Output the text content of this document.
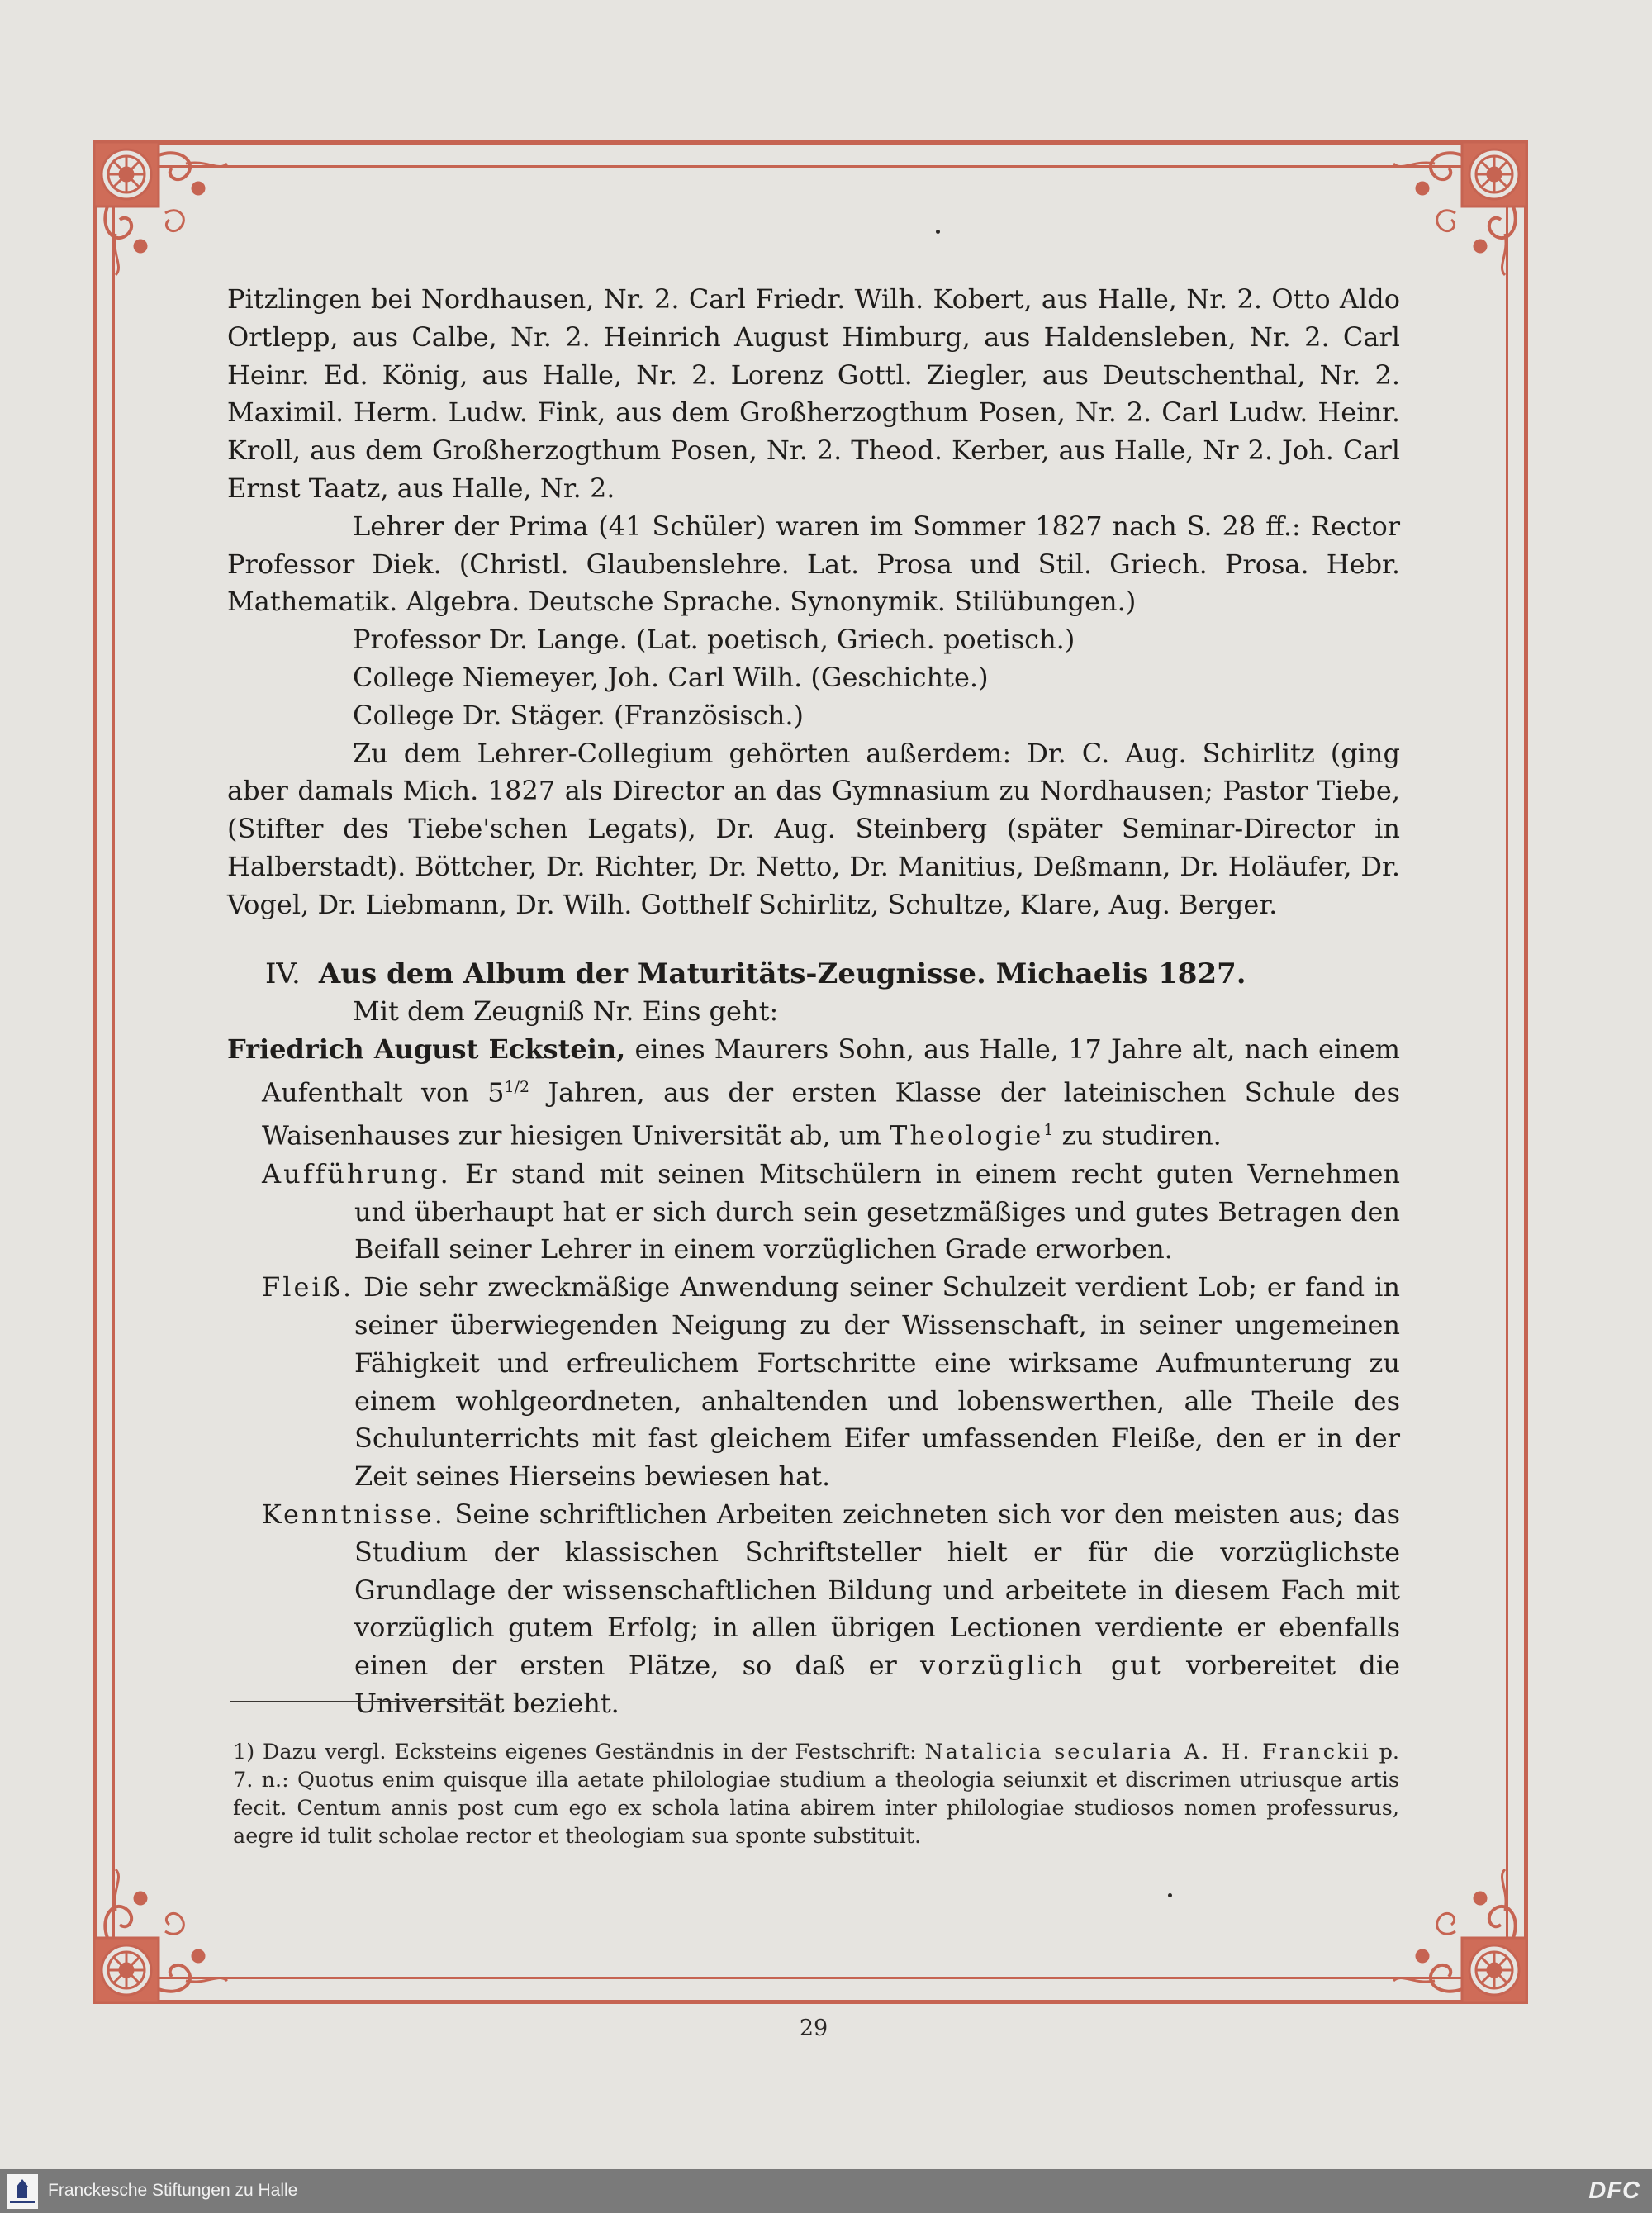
Pitzlingen bei Nordhausen, Nr. 2. Carl Friedr. Wilh. Kobert, aus Halle, Nr. 2. Otto Aldo Ortlepp, aus Calbe, Nr. 2. Heinrich August Himburg, aus Haldensleben, Nr. 2. Carl Heinr. Ed. König, aus Halle, Nr. 2. Lorenz Gottl. Ziegler, aus Deutschenthal, Nr. 2. Maximil. Herm. Ludw. Fink, aus dem Großherzogthum Posen, Nr. 2. Carl Ludw. Heinr. Kroll, aus dem Großherzogthum Posen, Nr. 2. Theod. Kerber, aus Halle, Nr 2. Joh. Carl Ernst Taatz, aus Halle, Nr. 2.

Lehrer der Prima (41 Schüler) waren im Sommer 1827 nach S. 28 ff.: Rector Professor Diek. (Christl. Glaubenslehre. Lat. Prosa und Stil. Griech. Prosa. Hebr. Mathematik. Algebra. Deutsche Sprache. Synonymik. Stilübungen.)

Professor Dr. Lange. (Lat. poetisch, Griech. poetisch.)

College Niemeyer, Joh. Carl Wilh. (Geschichte.)

College Dr. Stäger. (Französisch.)

Zu dem Lehrer-Collegium gehörten außerdem: Dr. C. Aug. Schirlitz (ging aber damals Mich. 1827 als Director an das Gymnasium zu Nordhausen; Pastor Tiebe, (Stifter des Tiebe'schen Legats), Dr. Aug. Steinberg (später Seminar-Director in Halberstadt). Böttcher, Dr. Richter, Dr. Netto, Dr. Manitius, Deßmann, Dr. Holäufer, Dr. Vogel, Dr. Liebmann, Dr. Wilh. Gotthelf Schirlitz, Schultze, Klare, Aug. Berger.

IV. Aus dem Album der Maturitäts-Zeugnisse. Michaelis 1827.

Mit dem Zeugniß Nr. Eins geht:

Friedrich August Eckstein, eines Maurers Sohn, aus Halle, 17 Jahre alt, nach einem Aufenthalt von $5^{1/2}$ Jahren, aus der ersten Klasse der lateinischen Schule des Waisenhauses zur hiesigen Universität ab, um Theologie$^1$ zu studiren.

Aufführung. Er stand mit seinen Mitschülern in einem recht guten Vernehmen und überhaupt hat er sich durch sein gesetzmäßiges und gutes Betragen den Beifall seiner Lehrer in einem vorzüglichen Grade erworben.

Fleiß. Die sehr zweckmäßige Anwendung seiner Schulzeit verdient Lob; er fand in seiner überwiegenden Neigung zu der Wissenschaft, in seiner ungemeinen Fähigkeit und erfreulichem Fortschritte eine wirksame Aufmunterung zu einem wohlgeordneten, anhaltenden und lobenswerthen, alle Theile des Schulunterrichts mit fast gleichem Eifer umfassenden Fleiße, den er in der Zeit seines Hierseins bewiesen hat.

Kenntnisse. Seine schriftlichen Arbeiten zeichneten sich vor den meisten aus; das Studium der klassischen Schriftsteller hielt er für die vorzüglichste Grundlage der wissenschaftlichen Bildung und arbeitete in diesem Fach mit vorzüglich gutem Erfolg; in allen übrigen Lectionen verdiente er ebenfalls einen der ersten Plätze, so daß er vorzüglich gut vorbereitet die Universität bezieht.

1) Dazu vergl. Ecksteins eigenes Geständnis in der Festschrift: Natalicia secularia A. H. Franckii p. 7. n.: Quotus enim quisque illa aetate philologiae studium a theologia seiunxit et discrimen utriusque artis fecit. Centum annis post cum ego ex schola latina abirem inter philologiae studiosos nomen professurus, aegre id tulit scholae rector et theologiam sua sponte substituit.
29
Franckesche Stiftungen zu Halle	DFC
